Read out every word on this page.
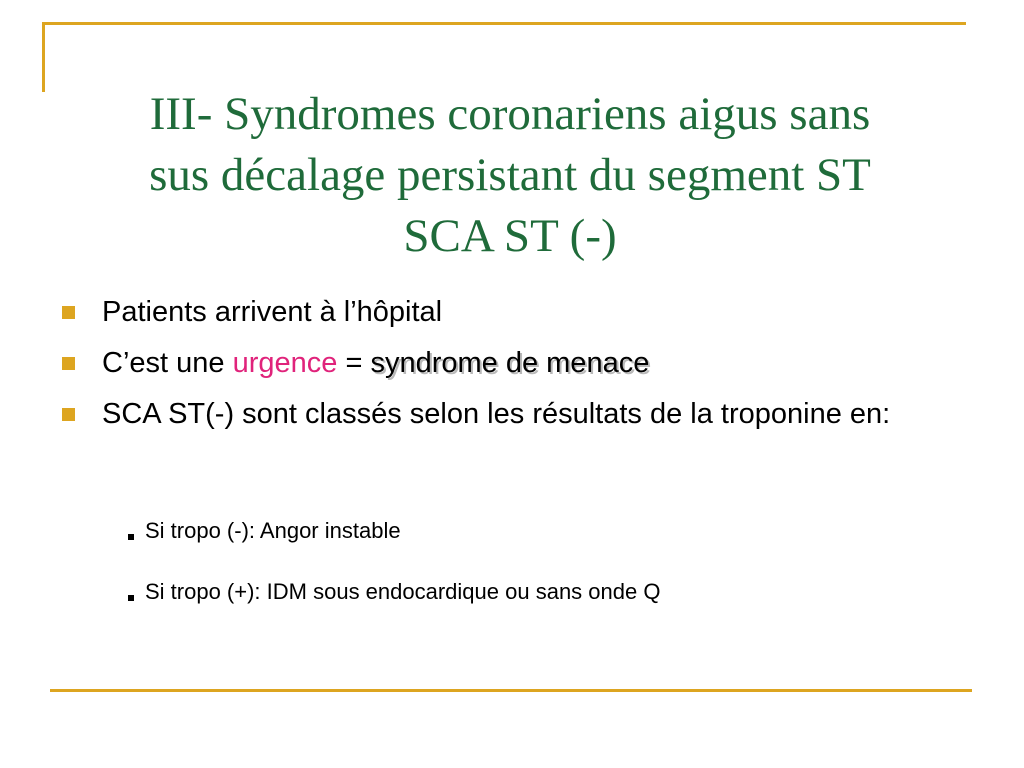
III- Syndromes coronariens aigus sans
sus décalage persistant du segment ST
SCA ST (-)
Patients arrivent à l’hôpital
C’est une urgence = syndrome de menace
SCA ST(-) sont classés selon les résultats de la troponine en:
Si tropo (-): Angor instable
Si tropo (+): IDM sous endocardique ou sans onde Q
